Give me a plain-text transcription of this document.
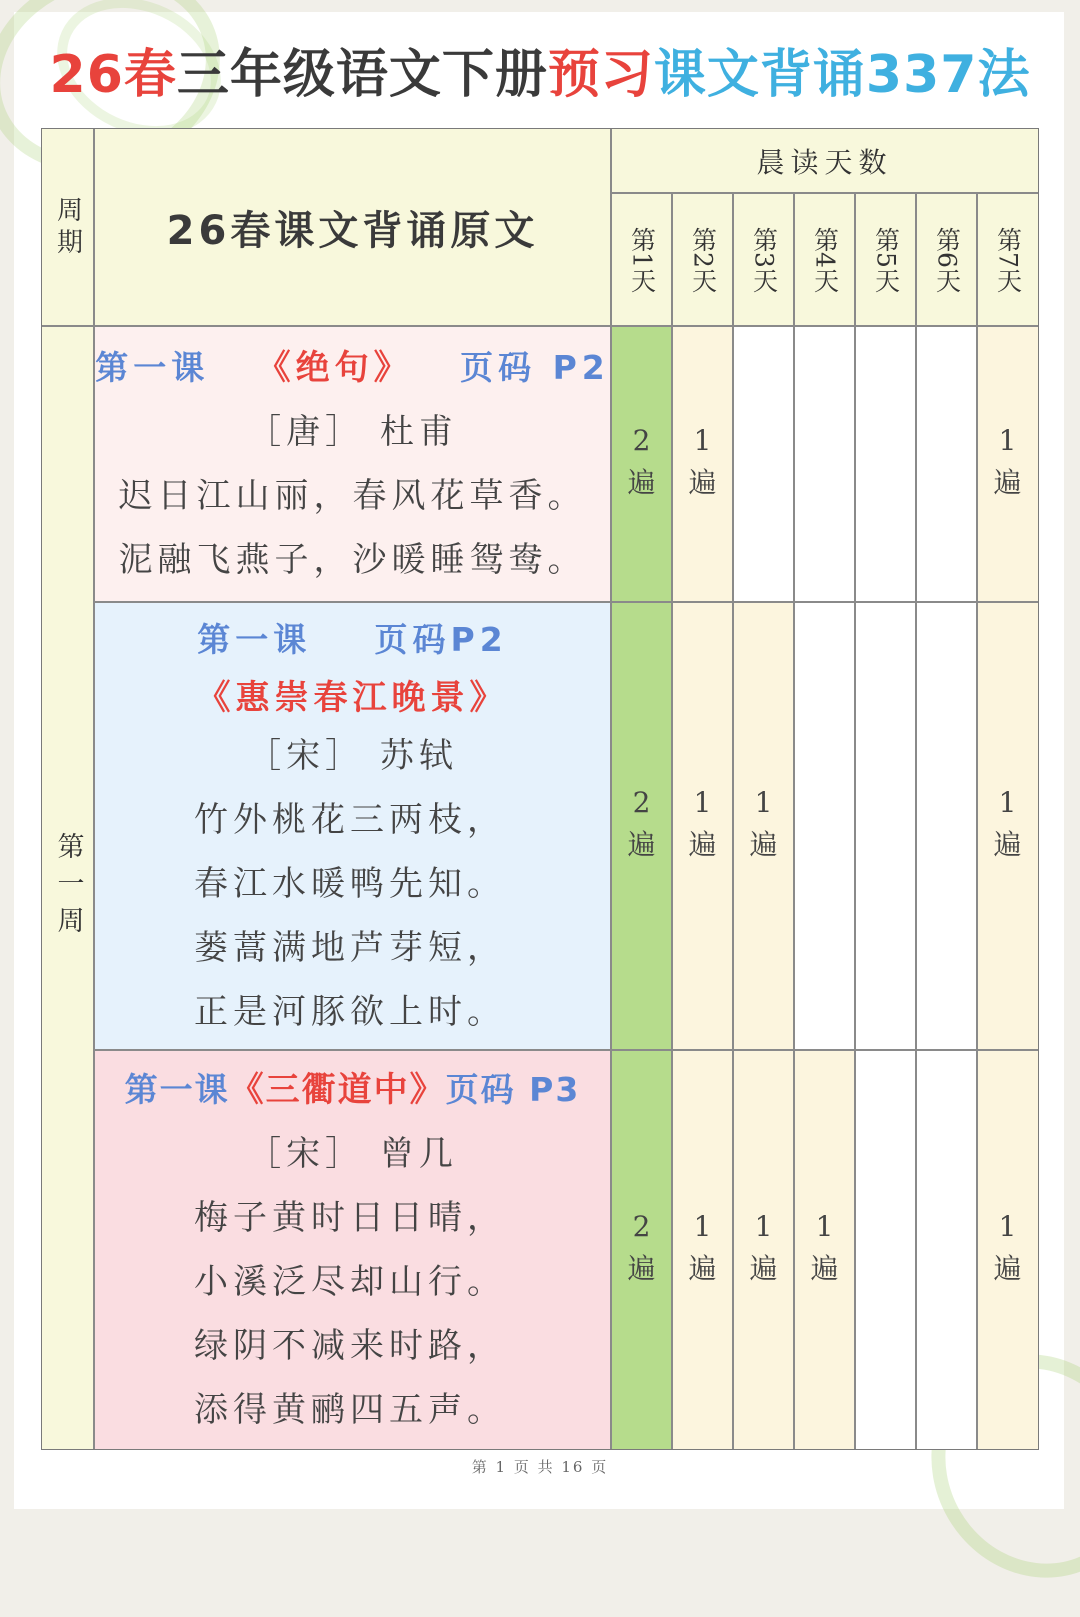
26春三年级语文下册预习课文背诵337法
周期	26春课文背诵原文
晨读天数
第1天 第2天 第3天 第4天 第5天 第6天 第7天
第一周
第一课 《绝句》 页码 P2
［唐］ 杜甫
迟日江山丽，春风花草香。
泥融飞燕子，沙暖睡鸳鸯。
第一课 页码P2
《惠崇春江晚景》
［宋］ 苏轼
竹外桃花三两枝，
春江水暖鸭先知。
蒌蒿满地芦芽短，
正是河豚欲上时。
第一课《三衢道中》页码 P3
［宋］ 曾几
梅子黄时日日晴，
小溪泛尽却山行。
绿阴不减来时路，
添得黄鹂四五声。
2
遍
1
遍
1
遍
2
遍
1
遍
1
遍
1
遍
2
遍
1
遍
1
遍
1
遍
1
遍
第 1 页 共 16 页
